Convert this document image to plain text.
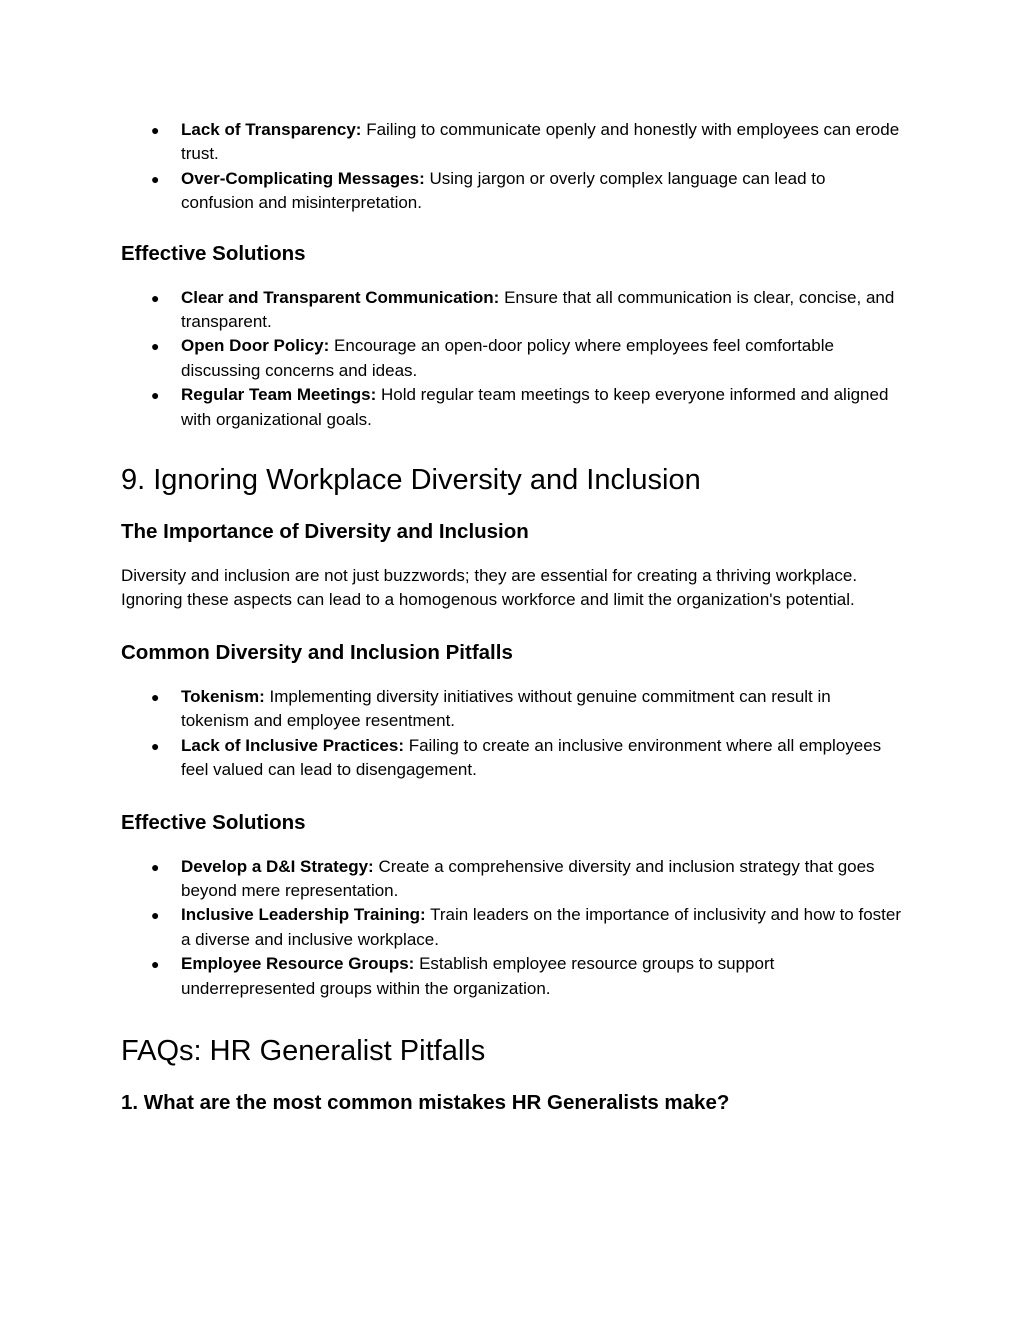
● Lack of Transparency: Failing to communicate openly and honestly with employees can erode trust.
● Over-Complicating Messages: Using jargon or overly complex language can lead to confusion and misinterpretation.
Effective Solutions
● Clear and Transparent Communication: Ensure that all communication is clear, concise, and transparent.
● Open Door Policy: Encourage an open-door policy where employees feel comfortable discussing concerns and ideas.
● Regular Team Meetings: Hold regular team meetings to keep everyone informed and aligned with organizational goals.
9. Ignoring Workplace Diversity and Inclusion
The Importance of Diversity and Inclusion

Diversity and inclusion are not just buzzwords; they are essential for creating a thriving workplace. Ignoring these aspects can lead to a homogenous workforce and limit the organization's potential.

Common Diversity and Inclusion Pitfalls
● Tokenism: Implementing diversity initiatives without genuine commitment can result in tokenism and employee resentment.
● Lack of Inclusive Practices: Failing to create an inclusive environment where all employees feel valued can lead to disengagement.
Effective Solutions
● Develop a D&I Strategy: Create a comprehensive diversity and inclusion strategy that goes beyond mere representation.
● Inclusive Leadership Training: Train leaders on the importance of inclusivity and how to foster a diverse and inclusive workplace.
● Employee Resource Groups: Establish employee resource groups to support underrepresented groups within the organization.
FAQs: HR Generalist Pitfalls
1. What are the most common mistakes HR Generalists make?
